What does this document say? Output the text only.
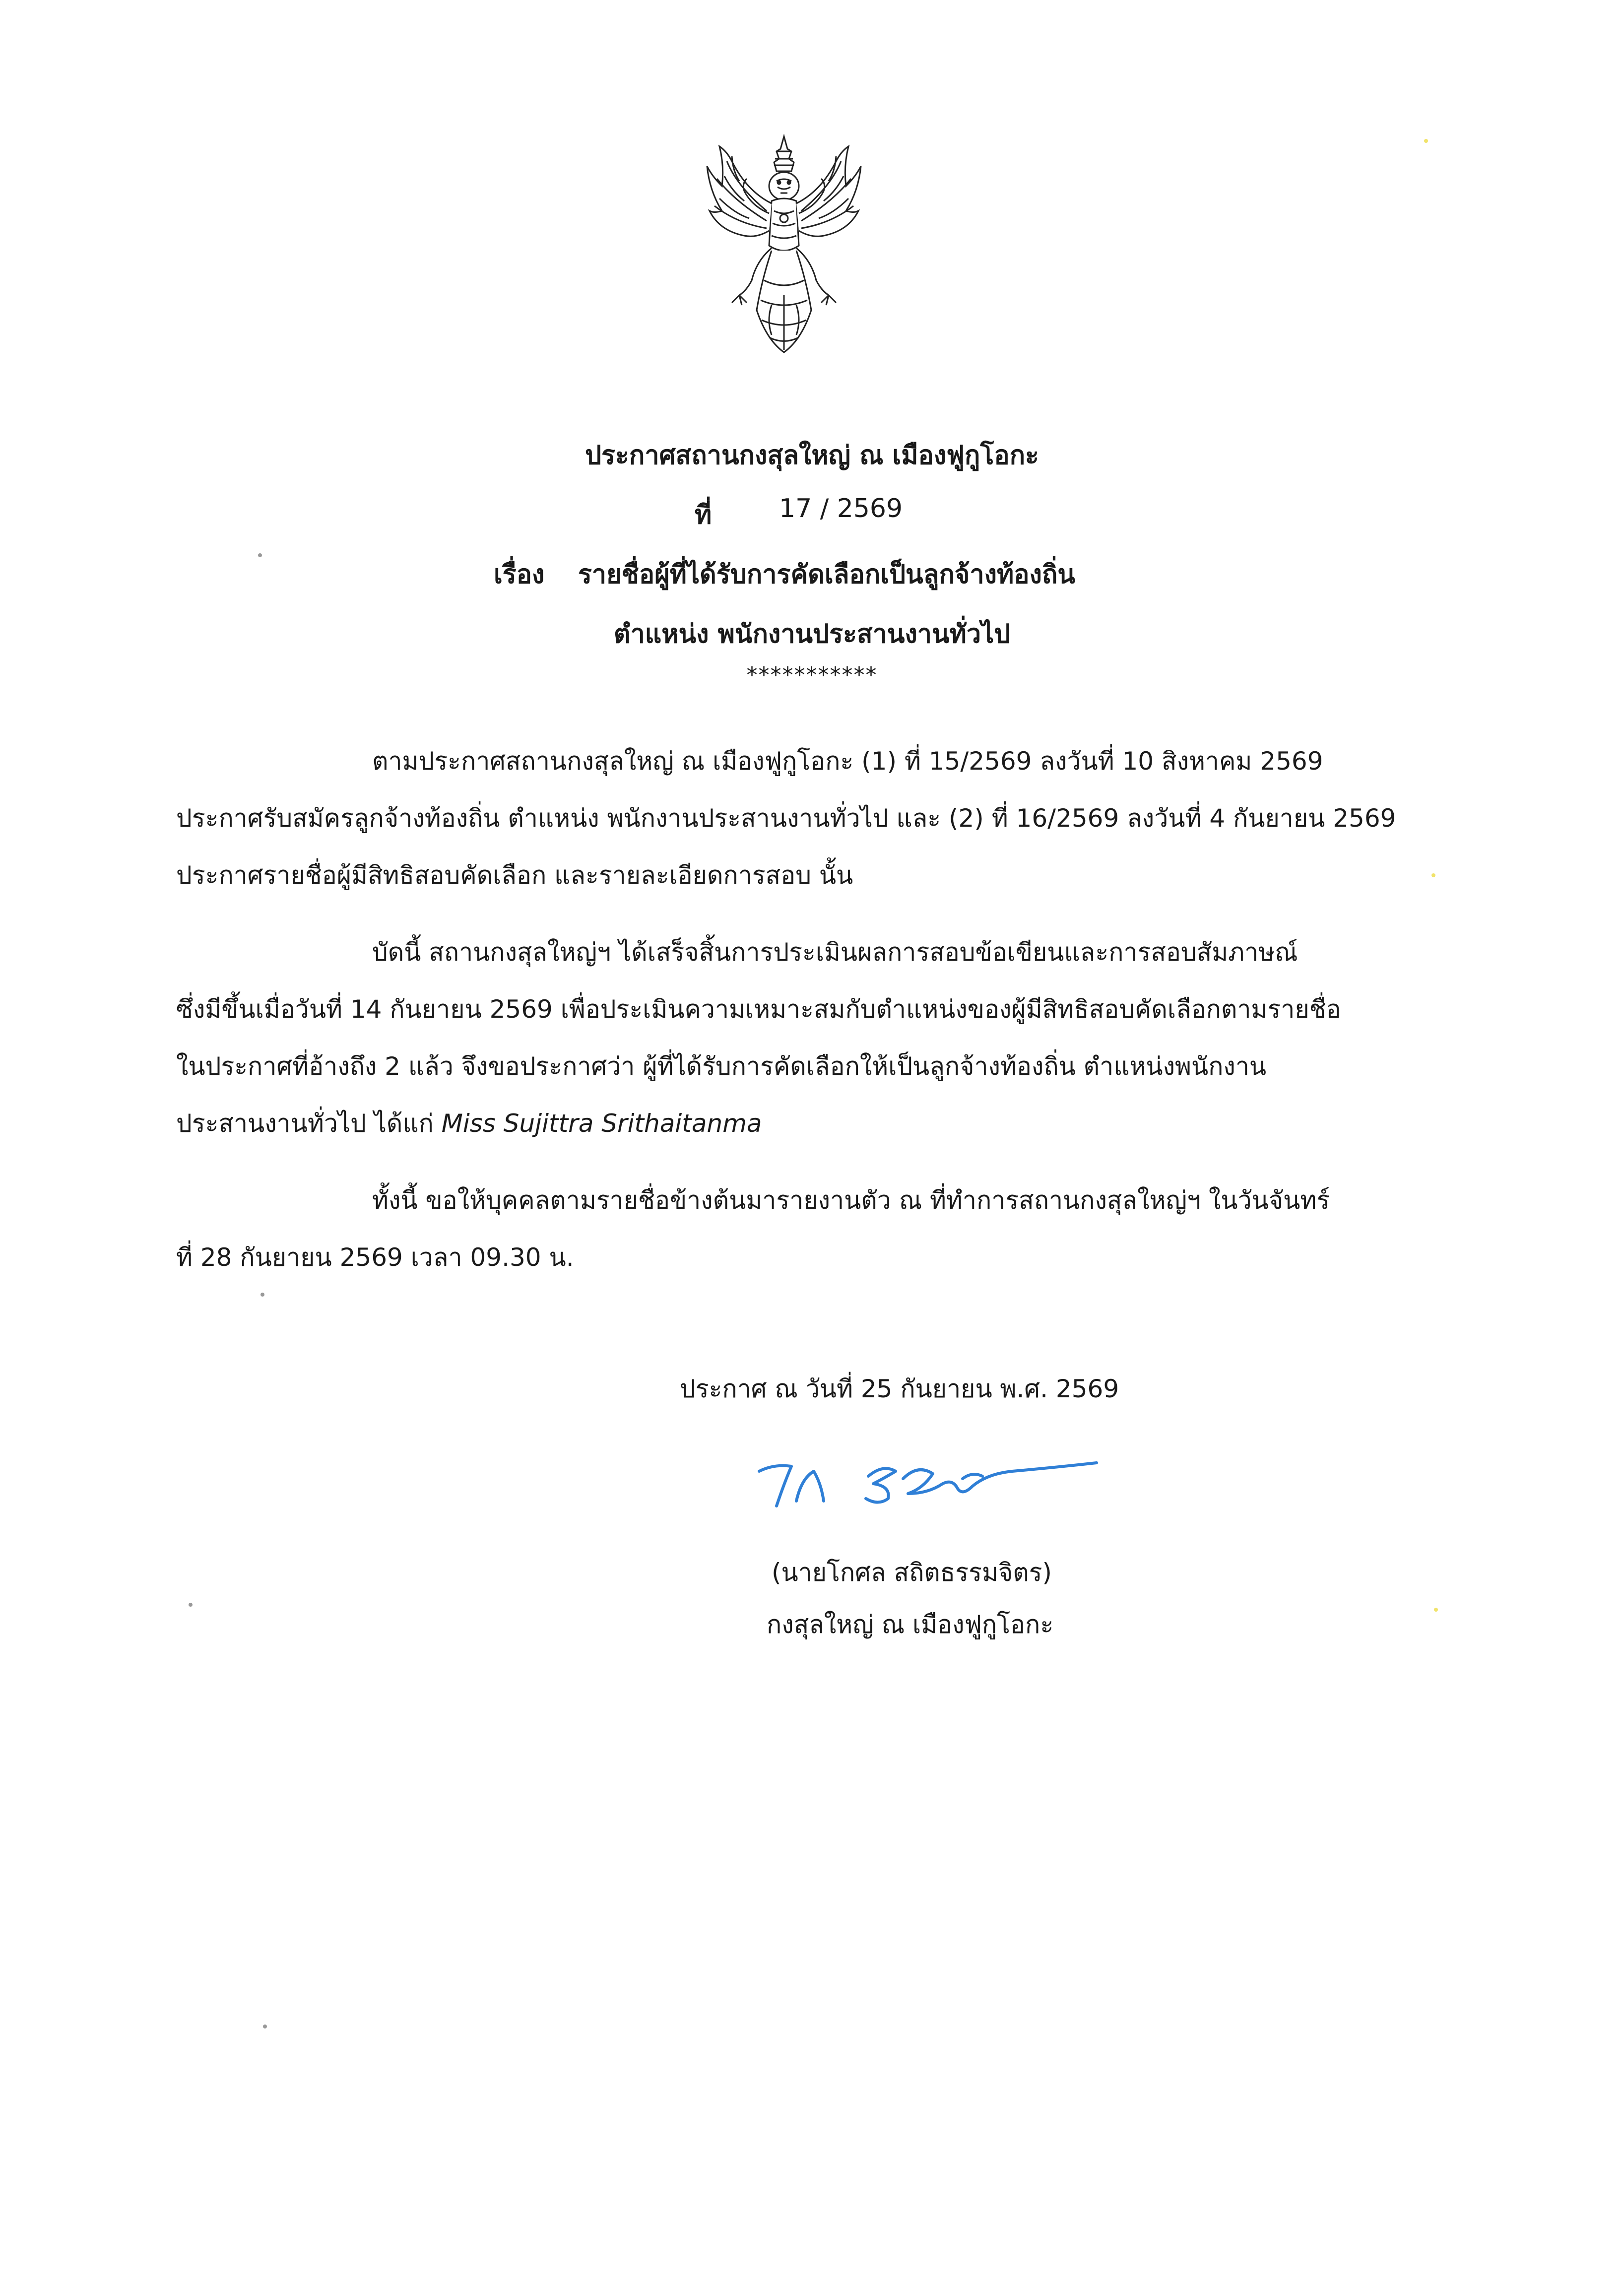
ประกาศสถานกงสุลใหญ่ ณ เมืองฟูกูโอกะ
ที่	17 / 2569
เรื่อง รายชื่อผู้ที่ได้รับการคัดเลือกเป็นลูกจ้างท้องถิ่น
ตำแหน่ง พนักงานประสานงานทั่วไป
***********
ตามประกาศสถานกงสุลใหญ่ ณ เมืองฟูกูโอกะ (1) ที่ 15/2569 ลงวันที่ 10 สิงหาคม 2569
ประกาศรับสมัครลูกจ้างท้องถิ่น ตำแหน่ง พนักงานประสานงานทั่วไป และ (2) ที่ 16/2569 ลงวันที่ 4 กันยายน 2569
ประกาศรายชื่อผู้มีสิทธิสอบคัดเลือก และรายละเอียดการสอบ นั้น
บัดนี้ สถานกงสุลใหญ่ฯ ได้เสร็จสิ้นการประเมินผลการสอบข้อเขียนและการสอบสัมภาษณ์
ซึ่งมีขึ้นเมื่อวันที่ 14 กันยายน 2569 เพื่อประเมินความเหมาะสมกับตำแหน่งของผู้มีสิทธิสอบคัดเลือกตามรายชื่อ
ในประกาศที่อ้างถึง 2 แล้ว จึงขอประกาศว่า ผู้ที่ได้รับการคัดเลือกให้เป็นลูกจ้างท้องถิ่น ตำแหน่งพนักงาน
ประสานงานทั่วไป ได้แก่ Miss Sujittra Srithaitanma
ทั้งนี้ ขอให้บุคคลตามรายชื่อข้างต้นมารายงานตัว ณ ที่ทำการสถานกงสุลใหญ่ฯ ในวันจันทร์
ที่ 28 กันยายน 2569 เวลา 09.30 น.
ประกาศ ณ วันที่ 25 กันยายน พ.ศ. 2569
(นายโกศล สถิตธรรมจิตร)
กงสุลใหญ่ ณ เมืองฟูกูโอกะ
